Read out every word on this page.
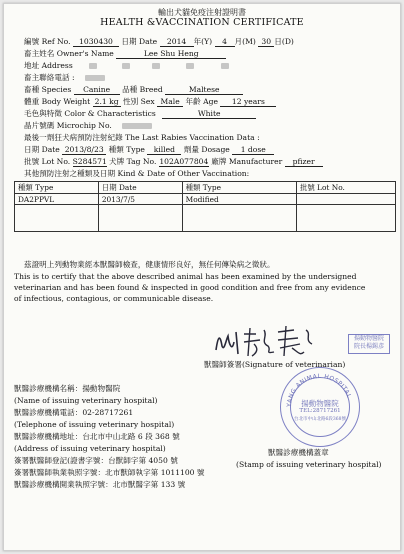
輸出犬貓免疫注射證明書
HEALTH &VACCINATION CERTIFICATE
編號 Ref No. 1030430 日期 Date 2014 年(Y) 4 月(M) 30 日(D)
畜主姓名 Owner's Name	Lee Shu Heng
地址 Address
畜主聯絡電話 :
畜種 Species Canine 品種 Breed	Maltese
體重 Body Weight 2.1 kg 性別 Sex Male 年齡 Age 12 years
毛色與特徵 Color & Characteristics	White
晶片號碼 Microchip No.
最後一劑狂犬病預防注射紀錄 The Last Rabies Vaccination Data :
日期 Date 2013/8/23 種類 Type killed 劑量 Dosage 1 dose
批號 Lot No. S284571 犬牌 Tag No. 102A077804 廠牌 Manufacturer pfizer
其他預防注射之種類及日期 Kind & Date of Other Vaccination:
種類 Type	日期 Date	種類 Type	批號 Lot No.
DA2PPVL	2013/7/5	Modified	

茲證明上列動物業經本獸醫師檢查，健康情形良好，無任何傳染病之徵狀。
This is to certify that the above described animal has been examined by the undersigned
veterinarian and has been found & inspected in good condition and free from any evidence
of infectious, contagious, or communicable disease.
揚動物醫院
院長楊錫彥
獸醫師簽署(Signature of veterinarian)
獸醫診療機構名稱：揚動物醫院
(Name of issuing veterinary hospital)
獸醫診療機構電話：02-28717261
(Telephone of issuing veterinary hospital)
獸醫診療機構地址：台北市中山北路 6 段 368 號
(Address of issuing veterinary hospital)
簽署獸醫師登記(證書字號：台獸師字第 4050 號
簽署獸醫師執業執照字號：北市獸師執字第 1011100 號
獸醫診療機構開業執照字號：北市獸醫字第 133 號
YANG ANIMAL HOSPITAL
揚動物醫院
TEL:28717261
台北市中山北路6段368號
獸醫診療機構蓋章
(Stamp of issuing veterinary hospital)
